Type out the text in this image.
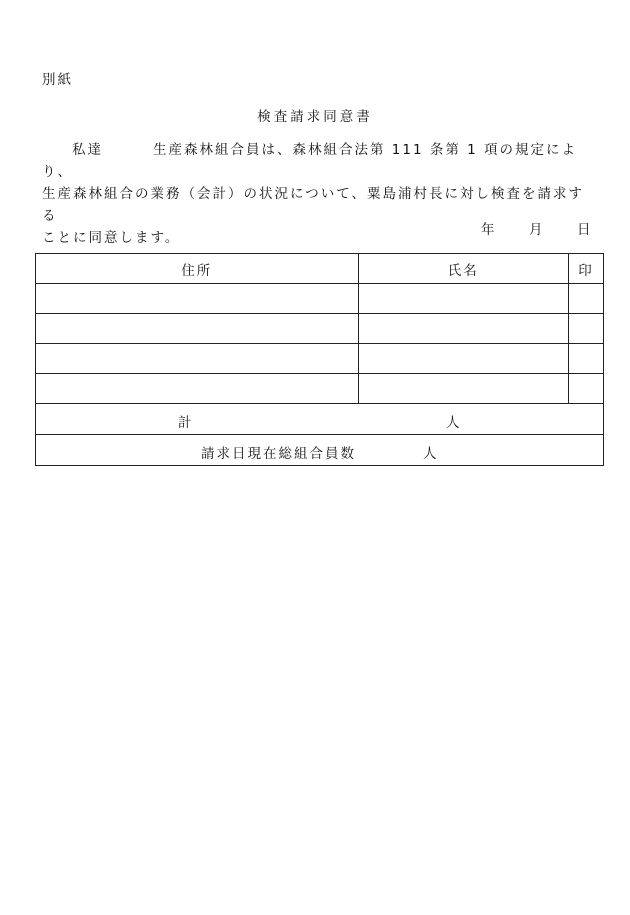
別紙
検査請求同意書

私達	生産森林組合員は、森林組合法第 111 条第 1 項の規定により、

生産森林組合の業務（会計）の状況について、粟島浦村長に対し検査を請求する

ことに同意します。	年	月	日
住所	氏名	印

計 人		

請求日現在総組合員数 人		
